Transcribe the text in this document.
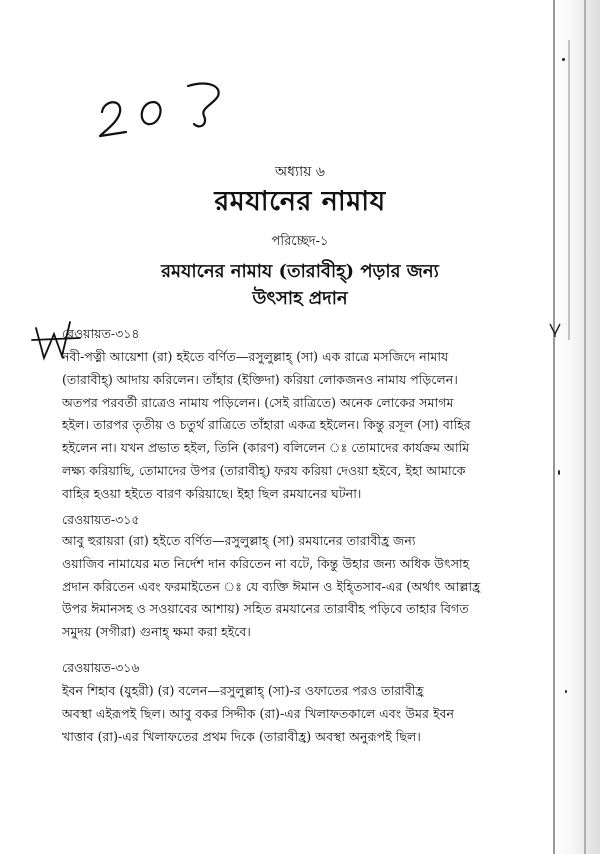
অধ্যায় ৬
রমযানের নামায
পরিচ্ছেদ-১
রমযানের নামায (তারাবীহ্) পড়ার জন্য
উৎসাহ প্রদান
রেওয়ায়ত-৩১৪
নবী-পত্নী আয়েশা (রা) হইতে বর্ণিত—রসুলুল্লাহ্ (সা) এক রাত্রে মসজিদে নামায
(তারাবীহ্) আদায় করিলেন। তাঁহার (ইক্তিদা) করিয়া লোকজনও নামায পড়িলেন।
অতপর পরবর্তী রাত্রেও নামায পড়িলেন। (সেই রাত্রিতে) অনেক লোকের সমাগম
হইল। তারপর তৃতীয় ও চতুর্থ রাত্রিতে তাঁহারা একত্র হইলেন। কিন্তু রসূল (সা) বাহির
হইলেন না। যখন প্রভাত হইল, তিনি (কারণ) বলিলেন ঃ তোমাদের কার্যক্রম আমি
লক্ষ্য করিয়াছি, তোমাদের উপর (তারাবীহ্) ফরয করিয়া দেওয়া হইবে, ইহা আমাকে
বাহির হওয়া হইতে বারণ করিয়াছে। ইহা ছিল রমযানের ঘটনা।
রেওয়ায়ত-৩১৫
আবু হুরায়রা (রা) হইতে বর্ণিত—রসুলুল্লাহ্ (সা) রমযানের তারাবীহ্র জন্য
ওয়াজিব নামাযের মত নির্দেশ দান করিতেন না বটে, কিন্তু উহার জন্য অধিক উৎসাহ
প্রদান করিতেন এবং ফরমাইতেন ঃ যে ব্যক্তি ঈমান ও ইহ্তিসাব-এর (অর্থাৎ আল্লাহ্র
উপর ঈমানসহ ও সওয়াবের আশায়) সহিত রমযানের তারাবীহ পড়িবে তাহার বিগত
সমুদয় (সগীরা) গুনাহ্ ক্ষমা করা হইবে।
রেওয়ায়ত-৩১৬
ইবন শিহাব (যুহরী) (র) বলেন—রসুলুল্লাহ্ (সা)-র ওফাতের পরও তারাবীহ্র
অবস্থা এইরূপই ছিল। আবু বকর সিদ্দীক (রা)-এর খিলাফতকালে এবং উমর ইবন
খাত্তাব (রা)-এর খিলাফতের প্রথম দিকে (তারাবীহ্র) অবস্থা অনুরূপই ছিল।
